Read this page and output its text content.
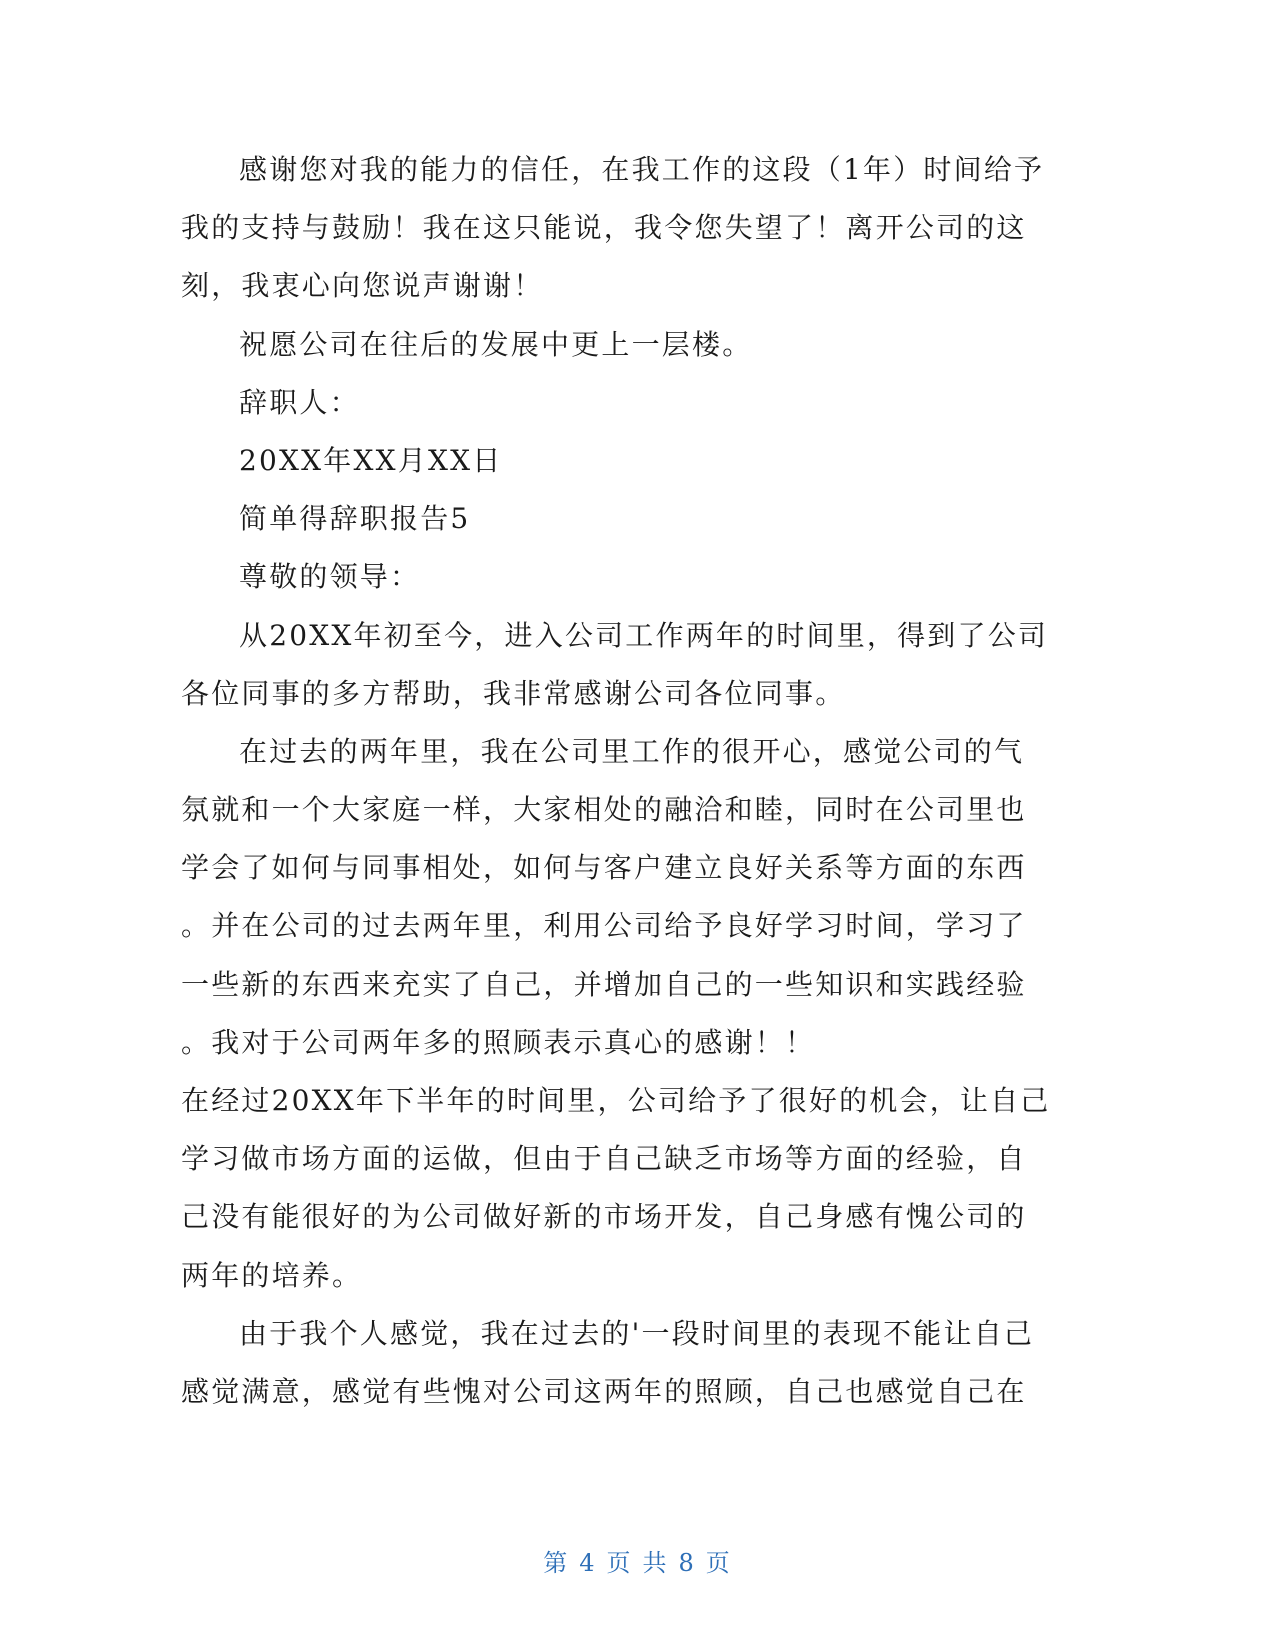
感谢您对我的能力的信任，在我工作的这段（1年）时间给予
我的支持与鼓励！我在这只能说，我令您失望了！离开公司的这
刻，我衷心向您说声谢谢！
祝愿公司在往后的发展中更上一层楼。
辞职人：
20XX年XX月XX日
简单得辞职报告5
尊敬的领导：
从20XX年初至今，进入公司工作两年的时间里，得到了公司
各位同事的多方帮助，我非常感谢公司各位同事。
在过去的两年里，我在公司里工作的很开心，感觉公司的气
氛就和一个大家庭一样，大家相处的融洽和睦，同时在公司里也
学会了如何与同事相处，如何与客户建立良好关系等方面的东西
。并在公司的过去两年里，利用公司给予良好学习时间，学习了
一些新的东西来充实了自己，并增加自己的一些知识和实践经验
。我对于公司两年多的照顾表示真心的感谢！！
在经过20XX年下半年的时间里，公司给予了很好的机会，让自己
学习做市场方面的运做，但由于自己缺乏市场等方面的经验，自
己没有能很好的为公司做好新的市场开发，自己身感有愧公司的
两年的培养。
由于我个人感觉，我在过去的'一段时间里的表现不能让自己
感觉满意，感觉有些愧对公司这两年的照顾，自己也感觉自己在
第 4 页 共 8 页
